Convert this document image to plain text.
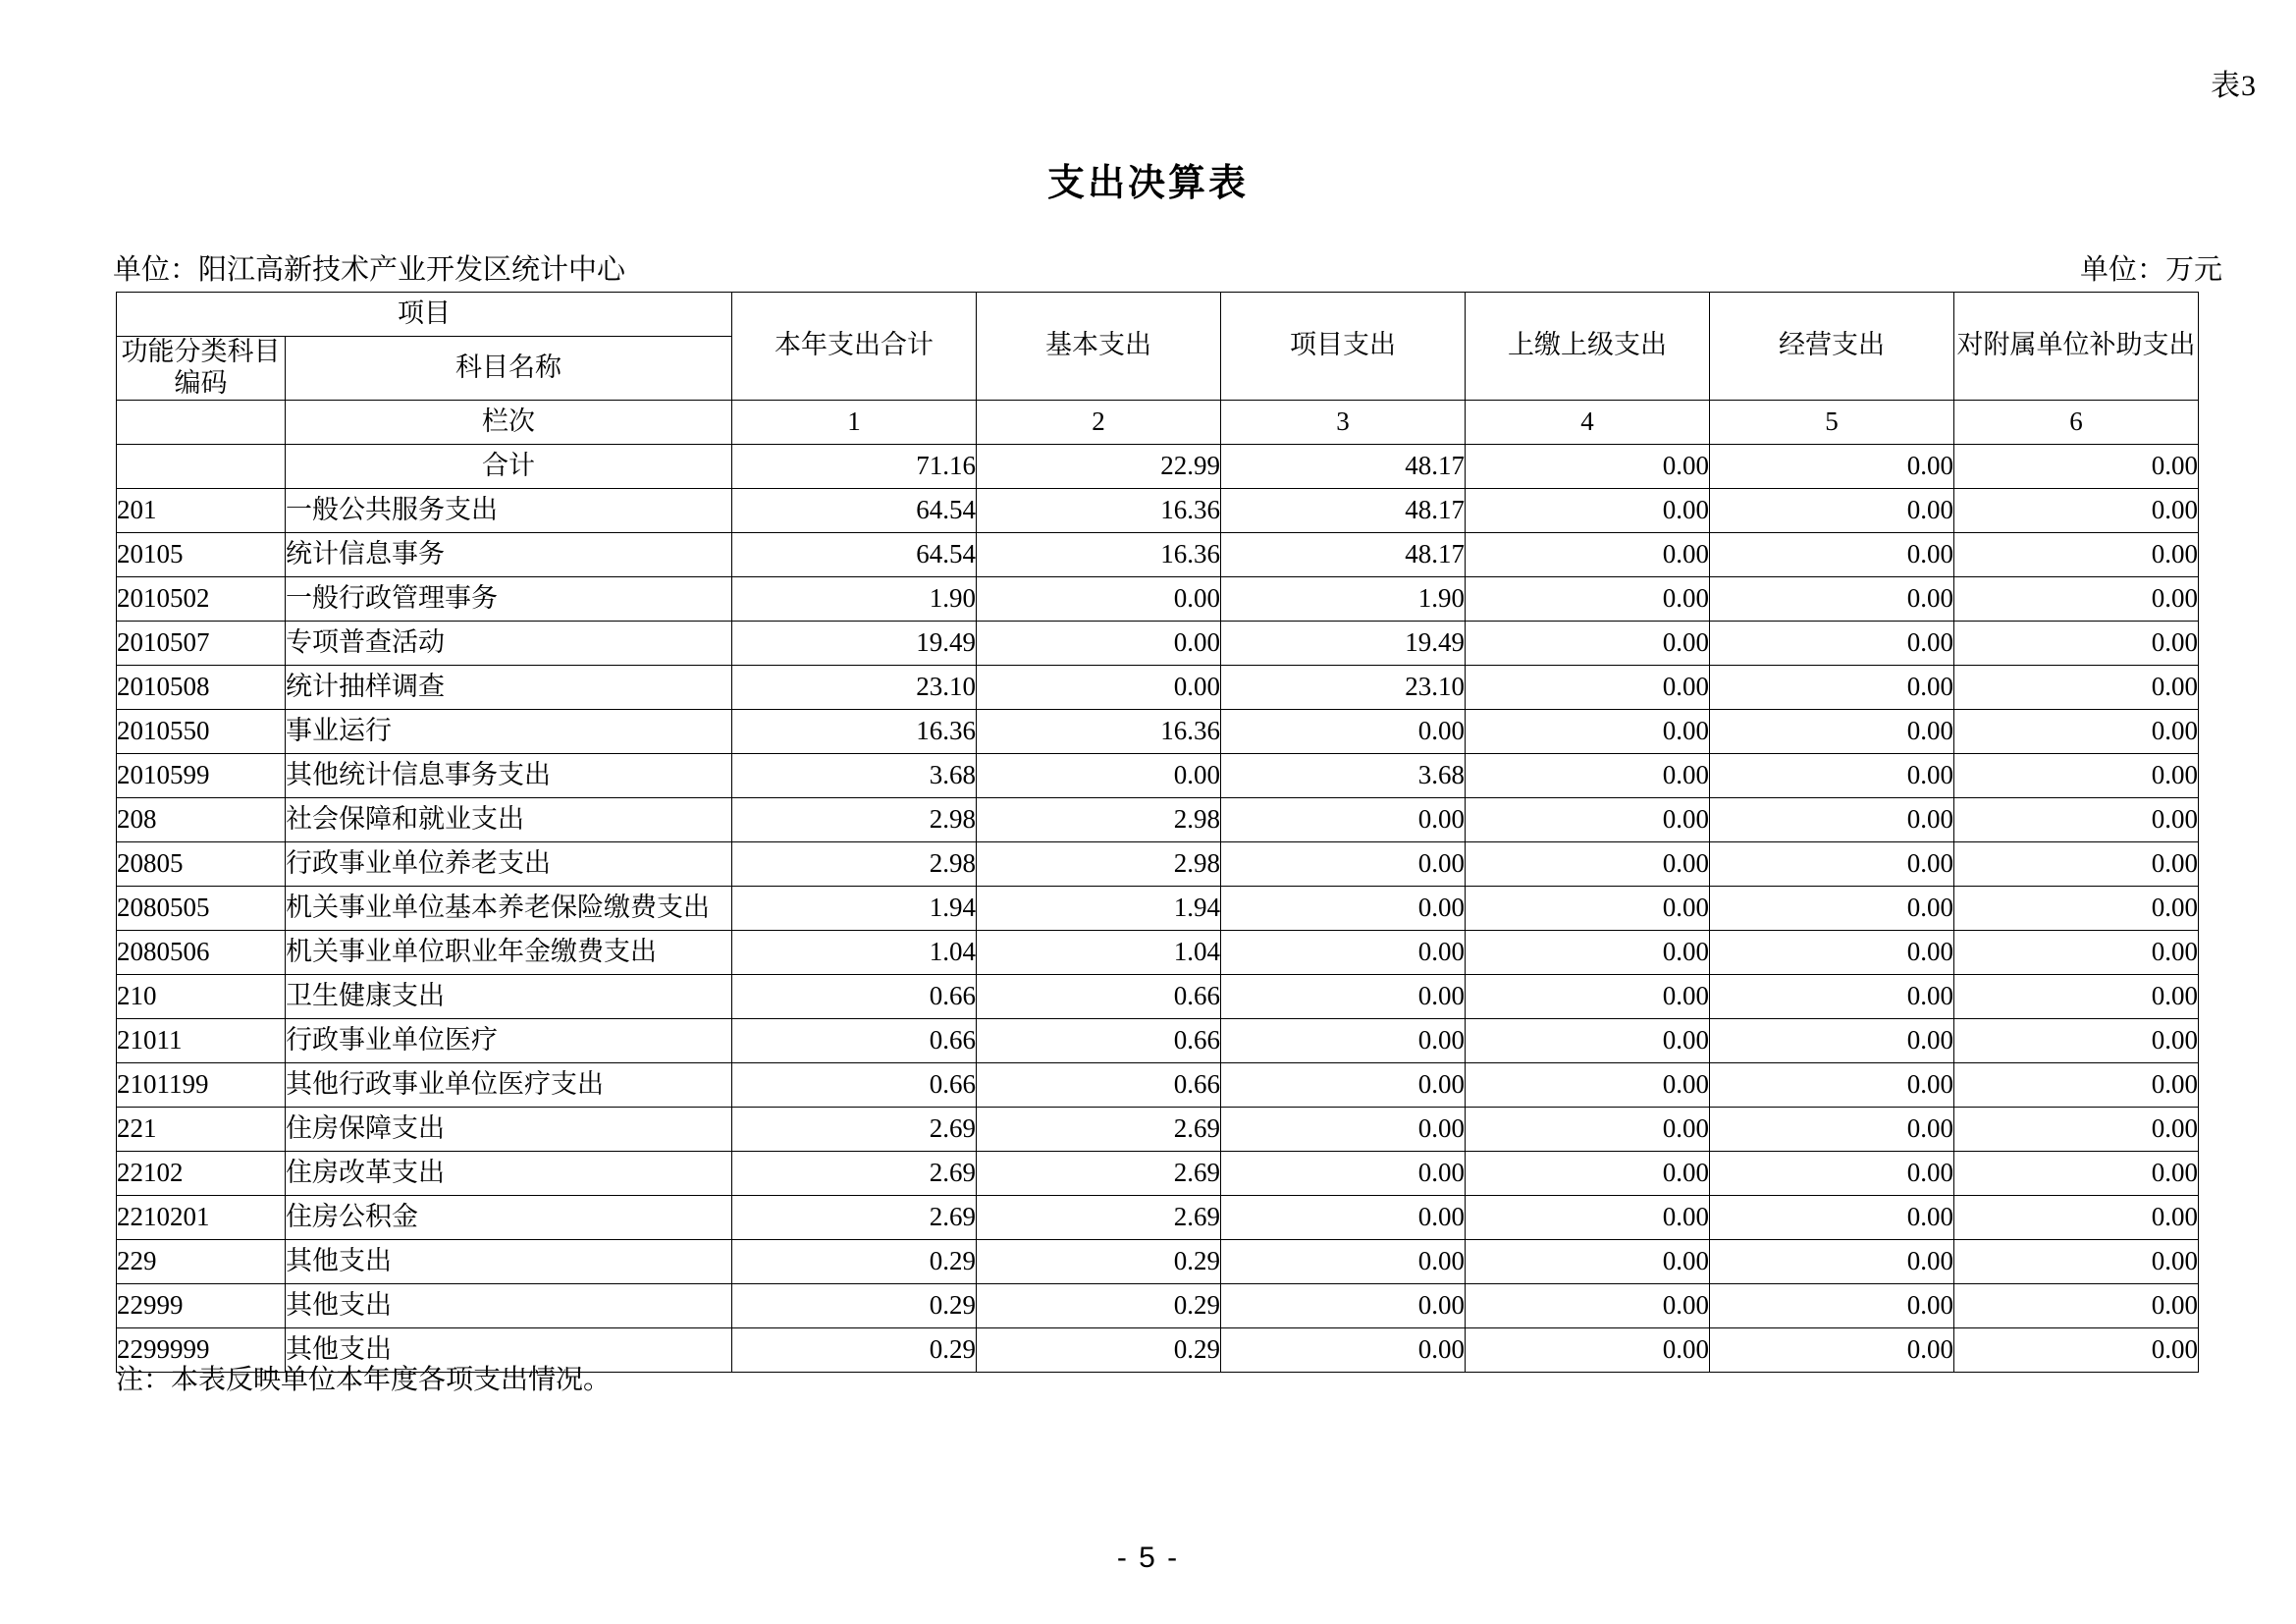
表3
支出决算表
单位：阳江高新技术产业开发区统计中心	单位：万元
项目		本年支出合计	基本支出	项目支出	上缴上级支出	经营支出	对附属单位补助支出
功能分类科目编码	科目名称						
	栏次	1	2	3	4	5	6
	合计	71.16	22.99	48.17	0.00	0.00	0.00
201	一般公共服务支出	64.54	16.36	48.17	0.00	0.00	0.00
20105	统计信息事务	64.54	16.36	48.17	0.00	0.00	0.00
2010502	一般行政管理事务	1.90	0.00	1.90	0.00	0.00	0.00
2010507	专项普查活动	19.49	0.00	19.49	0.00	0.00	0.00
2010508	统计抽样调查	23.10	0.00	23.10	0.00	0.00	0.00
2010550	事业运行	16.36	16.36	0.00	0.00	0.00	0.00
2010599	其他统计信息事务支出	3.68	0.00	3.68	0.00	0.00	0.00
208	社会保障和就业支出	2.98	2.98	0.00	0.00	0.00	0.00
20805	行政事业单位养老支出	2.98	2.98	0.00	0.00	0.00	0.00
2080505	机关事业单位基本养老保险缴费支出	1.94	1.94	0.00	0.00	0.00	0.00
2080506	机关事业单位职业年金缴费支出	1.04	1.04	0.00	0.00	0.00	0.00
210	卫生健康支出	0.66	0.66	0.00	0.00	0.00	0.00
21011	行政事业单位医疗	0.66	0.66	0.00	0.00	0.00	0.00
2101199	其他行政事业单位医疗支出	0.66	0.66	0.00	0.00	0.00	0.00
221	住房保障支出	2.69	2.69	0.00	0.00	0.00	0.00
22102	住房改革支出	2.69	2.69	0.00	0.00	0.00	0.00
2210201	住房公积金	2.69	2.69	0.00	0.00	0.00	0.00
229	其他支出	0.29	0.29	0.00	0.00	0.00	0.00
22999	其他支出	0.29	0.29	0.00	0.00	0.00	0.00
2299999	其他支出	0.29	0.29	0.00	0.00	0.00	0.00
注：本表反映单位本年度各项支出情况。
- 5 -
